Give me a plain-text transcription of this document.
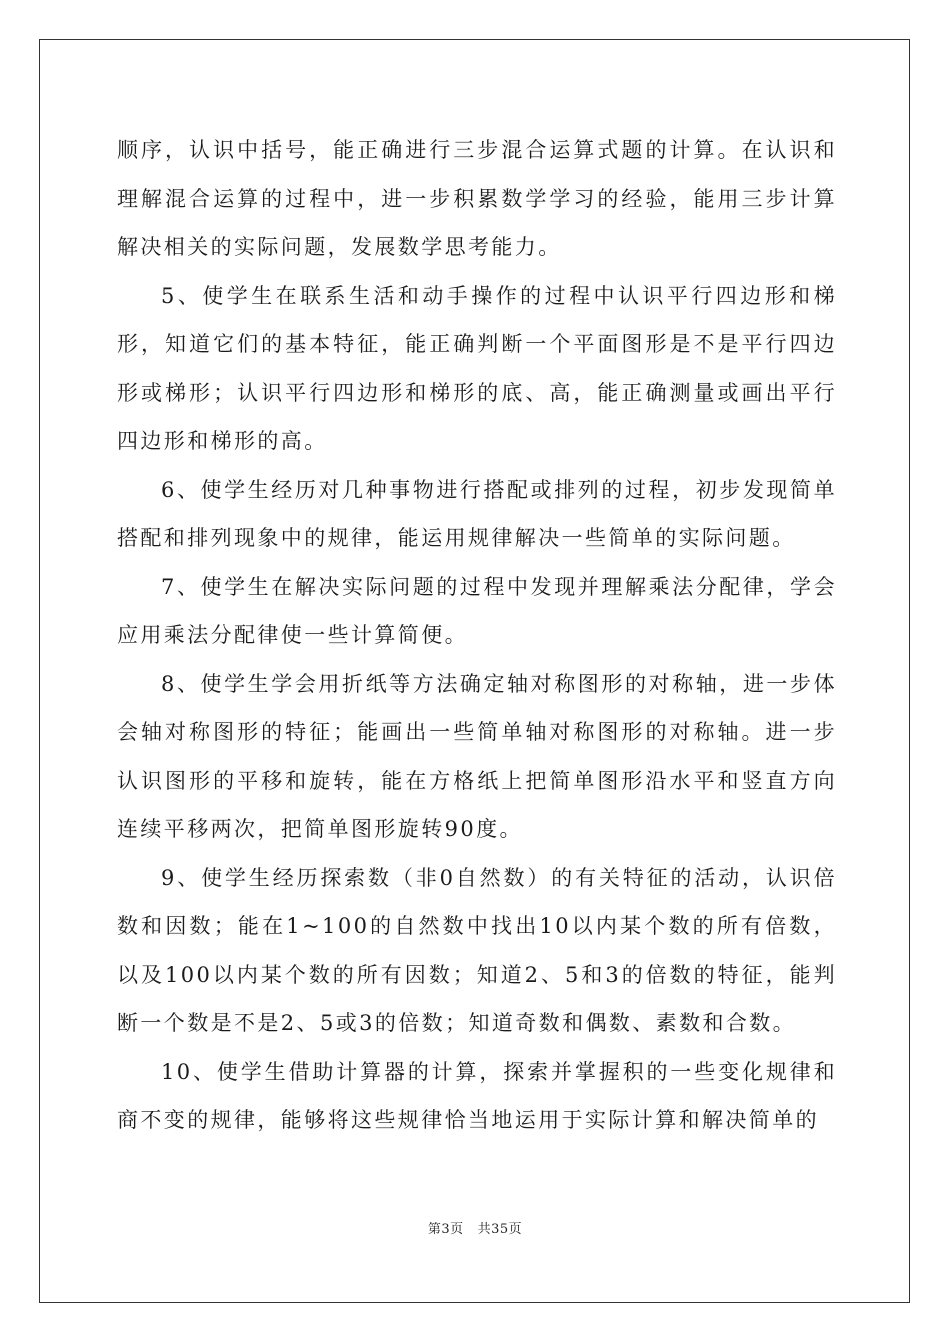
顺序，认识中括号，能正确进行三步混合运算式题的计算。在认识和理解混合运算的过程中，进一步积累数学学习的经验，能用三步计算解决相关的实际问题，发展数学思考能力。

5、使学生在联系生活和动手操作的过程中认识平行四边形和梯形，知道它们的基本特征，能正确判断一个平面图形是不是平行四边形或梯形；认识平行四边形和梯形的底、高，能正确测量或画出平行四边形和梯形的高。

6、使学生经历对几种事物进行搭配或排列的过程，初步发现简单搭配和排列现象中的规律，能运用规律解决一些简单的实际问题。

7、使学生在解决实际问题的过程中发现并理解乘法分配律，学会应用乘法分配律使一些计算简便。

8、使学生学会用折纸等方法确定轴对称图形的对称轴，进一步体会轴对称图形的特征；能画出一些简单轴对称图形的对称轴。进一步认识图形的平移和旋转，能在方格纸上把简单图形沿水平和竖直方向连续平移两次，把简单图形旋转90度。

9、使学生经历探索数（非0自然数）的有关特征的活动，认识倍数和因数；能在1~100的自然数中找出10以内某个数的所有倍数，以及100以内某个数的所有因数；知道2、5和3的倍数的特征，能判断一个数是不是2、5或3的倍数；知道奇数和偶数、素数和合数。

10、使学生借助计算器的计算，探索并掌握积的一些变化规律和商不变的规律，能够将这些规律恰当地运用于实际计算和解决简单的

第3页 共35页
